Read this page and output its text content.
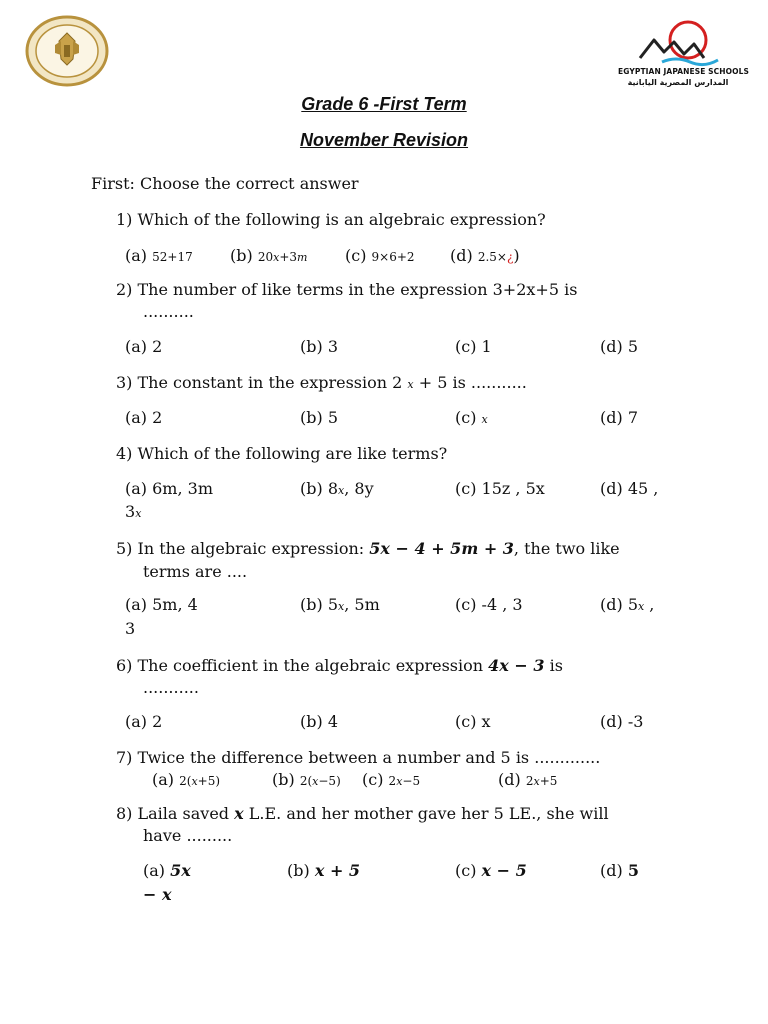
EGYPTIAN JAPANESE SCHOOLS
المدارس المصرية اليابانية
Grade 6 -First Term
November Revision
First: Choose the correct answer
1) Which of the following is an algebraic expression?
(a) 52+17 (b) 20x+3m (c) 9×6+2 (d) 2.5×¿)
2) The number of like terms in the expression 3+2x+5 is
..........
(a) 2	(b) 3	(c) 1	(d) 5
3) The constant in the expression 2 x + 5 is ...........
(a) 2	(b) 5	(c) x	(d) 7
4) Which of the following are like terms?
(a) 6m, 3m	(b) 8x, 8y	(c) 15z , 5x	(d) 45 ,
3x
5) In the algebraic expression: 5x − 4 + 5m + 3, the two like
terms are ....
(a) 5m, 4	(b) 5x, 5m	(c) -4 , 3	(d) 5x ,
3
6) The coefficient in the algebraic expression 4x − 3 is
...........
(a) 2	(b) 4	(c) x	(d) -3
7) Twice the difference between a number and 5 is .............
(a) 2(x+5)	(b) 2(x−5) (c) 2x−5	(d) 2x+5
8) Laila saved x L.E. and her mother gave her 5 LE., she will
have .........
(a) 5x	(b) x + 5	(c) x − 5	(d) 5
− x
